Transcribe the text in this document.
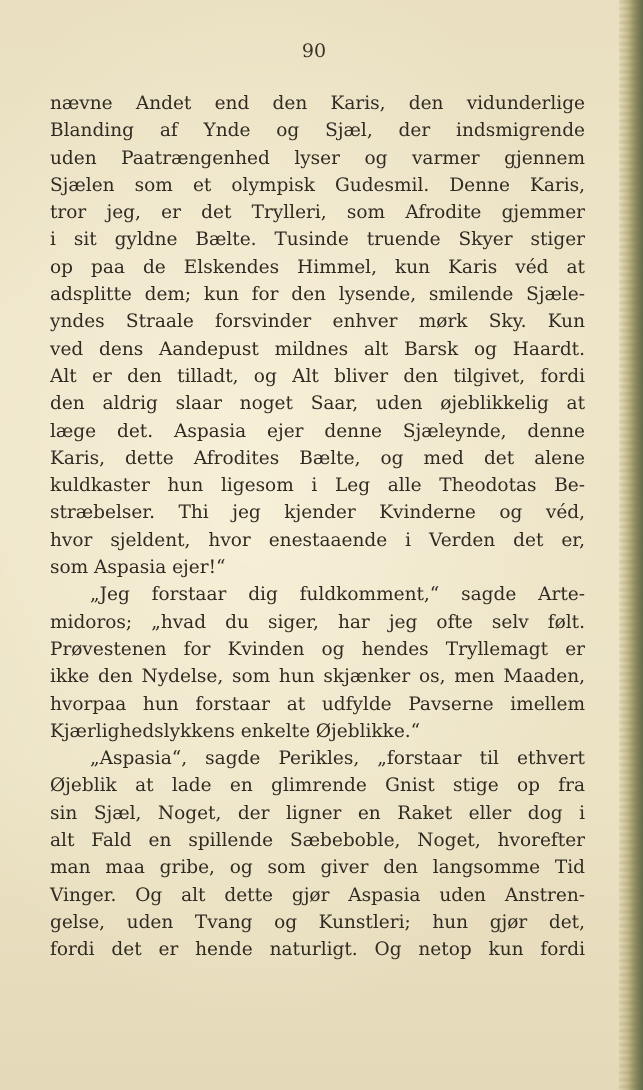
90
nævne Andet end den Karis, den vidunderlige
Blanding af Ynde og Sjæl, der indsmigrende
uden Paatrængenhed lyser og varmer gjennem
Sjælen som et olympisk Gudesmil. Denne Karis,
tror jeg, er det Trylleri, som Afrodite gjemmer
i sit gyldne Bælte. Tusinde truende Skyer stiger
op paa de Elskendes Himmel, kun Karis véd at
adsplitte dem; kun for den lysende, smilende Sjæle-
yndes Straale forsvinder enhver mørk Sky. Kun
ved dens Aandepust mildnes alt Barsk og Haardt.
Alt er den tilladt, og Alt bliver den tilgivet, fordi
den aldrig slaar noget Saar, uden øjeblikkelig at
læge det. Aspasia ejer denne Sjæleynde, denne
Karis, dette Afrodites Bælte, og med det alene
kuldkaster hun ligesom i Leg alle Theodotas Be-
stræbelser. Thi jeg kjender Kvinderne og véd,
hvor sjeldent, hvor enestaaende i Verden det er,
som Aspasia ejer!“
„Jeg forstaar dig fuldkomment,“ sagde Arte-
midoros; „hvad du siger, har jeg ofte selv følt.
Prøvestenen for Kvinden og hendes Tryllemagt er
ikke den Nydelse, som hun skjænker os, men Maaden,
hvorpaa hun forstaar at udfylde Pavserne imellem
Kjærlighedslykkens enkelte Øjeblikke.“
„Aspasia“, sagde Perikles, „forstaar til ethvert
Øjeblik at lade en glimrende Gnist stige op fra
sin Sjæl, Noget, der ligner en Raket eller dog i
alt Fald en spillende Sæbeboble, Noget, hvorefter
man maa gribe, og som giver den langsomme Tid
Vinger. Og alt dette gjør Aspasia uden Anstren-
gelse, uden Tvang og Kunstleri; hun gjør det,
fordi det er hende naturligt. Og netop kun fordi
